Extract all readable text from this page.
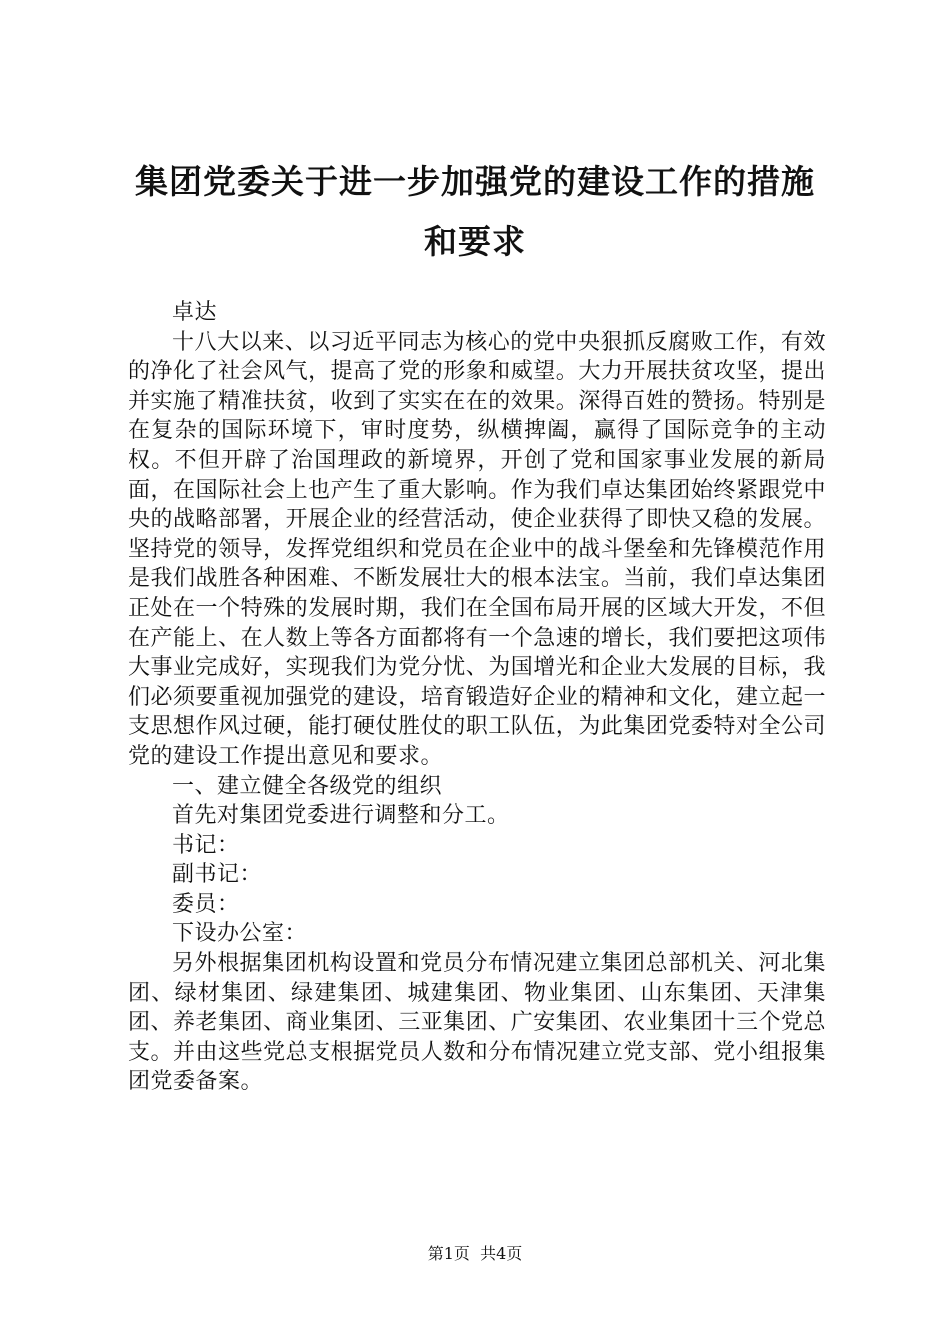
集团党委关于进一步加强党的建设工作的措施
和要求

卓达

十八大以来、以习近平同志为核心的党中央狠抓反腐败工作，有效的净化了社会风气，提高了党的形象和威望。大力开展扶贫攻坚，提出并实施了精准扶贫，收到了实实在在的效果。深得百姓的赞扬。特别是在复杂的国际环境下，审时度势，纵横捭阖，赢得了国际竞争的主动权。不但开辟了治国理政的新境界，开创了党和国家事业发展的新局面，在国际社会上也产生了重大影响。作为我们卓达集团始终紧跟党中央的战略部署，开展企业的经营活动，使企业获得了即快又稳的发展。坚持党的领导，发挥党组织和党员在企业中的战斗堡垒和先锋模范作用是我们战胜各种困难、不断发展壮大的根本法宝。当前，我们卓达集团正处在一个特殊的发展时期，我们在全国布局开展的区域大开发，不但在产能上、在人数上等各方面都将有一个急速的增长，我们要把这项伟大事业完成好，实现我们为党分忧、为国增光和企业大发展的目标，我们必须要重视加强党的建设，培育锻造好企业的精神和文化，建立起一支思想作风过硬，能打硬仗胜仗的职工队伍，为此集团党委特对全公司党的建设工作提出意见和要求。

一、建立健全各级党的组织

首先对集团党委进行调整和分工。

书记：

副书记：

委员：

下设办公室：

另外根据集团机构设置和党员分布情况建立集团总部机关、河北集团、绿材集团、绿建集团、城建集团、物业集团、山东集团、天津集团、养老集团、商业集团、三亚集团、广安集团、农业集团十三个党总支。并由这些党总支根据党员人数和分布情况建立党支部、党小组报集团党委备案。

第1页  共4页
